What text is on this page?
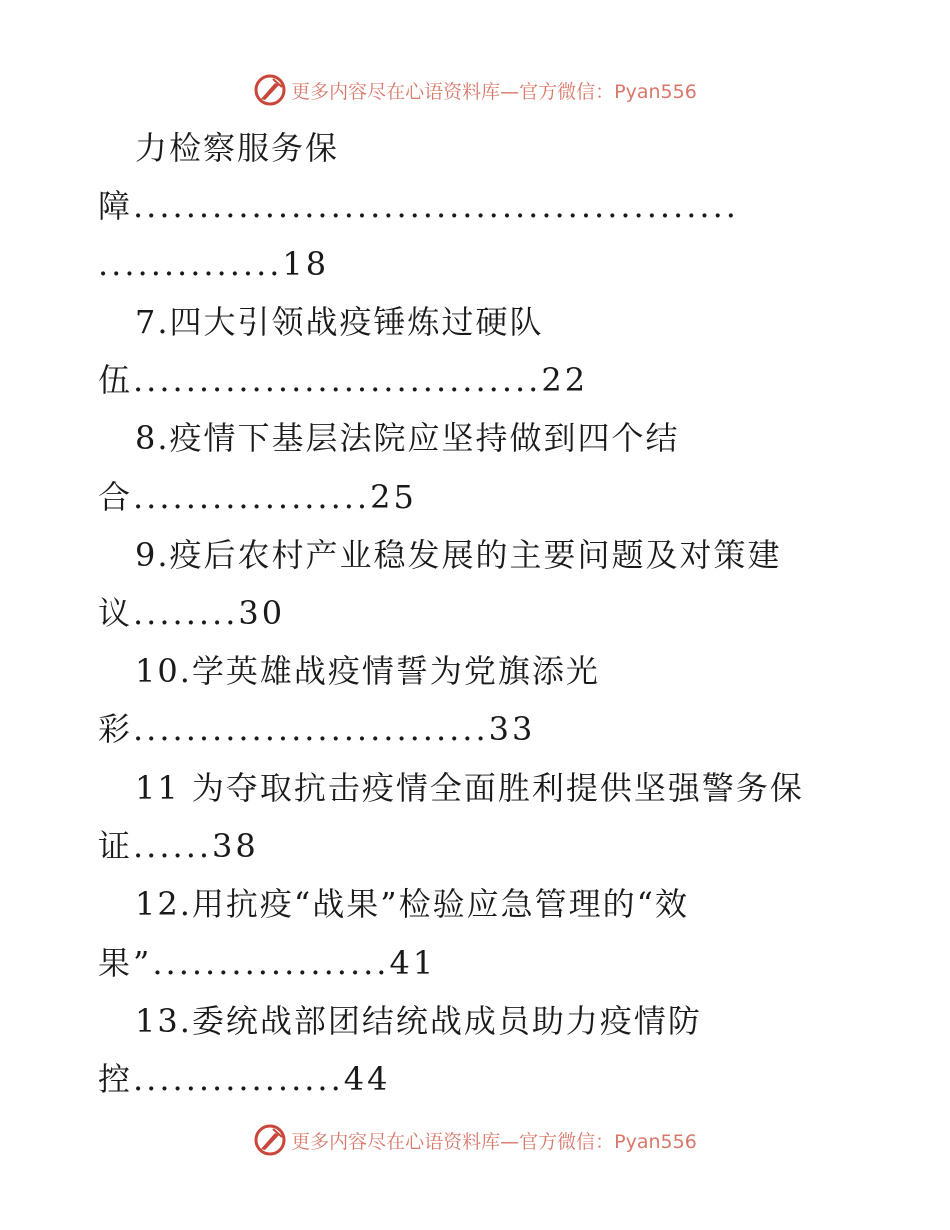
更多内容尽在心语资料库—官方微信：Pyan556
力检察服务保
障..............................................
..............18
7.四大引领战疫锤炼过硬队
伍...............................22
8.疫情下基层法院应坚持做到四个结
合..................25
9.疫后农村产业稳发展的主要问题及对策建
议........30
10.学英雄战疫情誓为党旗添光
彩...........................33
11 为夺取抗击疫情全面胜利提供坚强警务保
证......38
12.用抗疫“战果”检验应急管理的“效
果”..................41
13.委统战部团结统战成员助力疫情防
控................44
更多内容尽在心语资料库—官方微信：Pyan556
